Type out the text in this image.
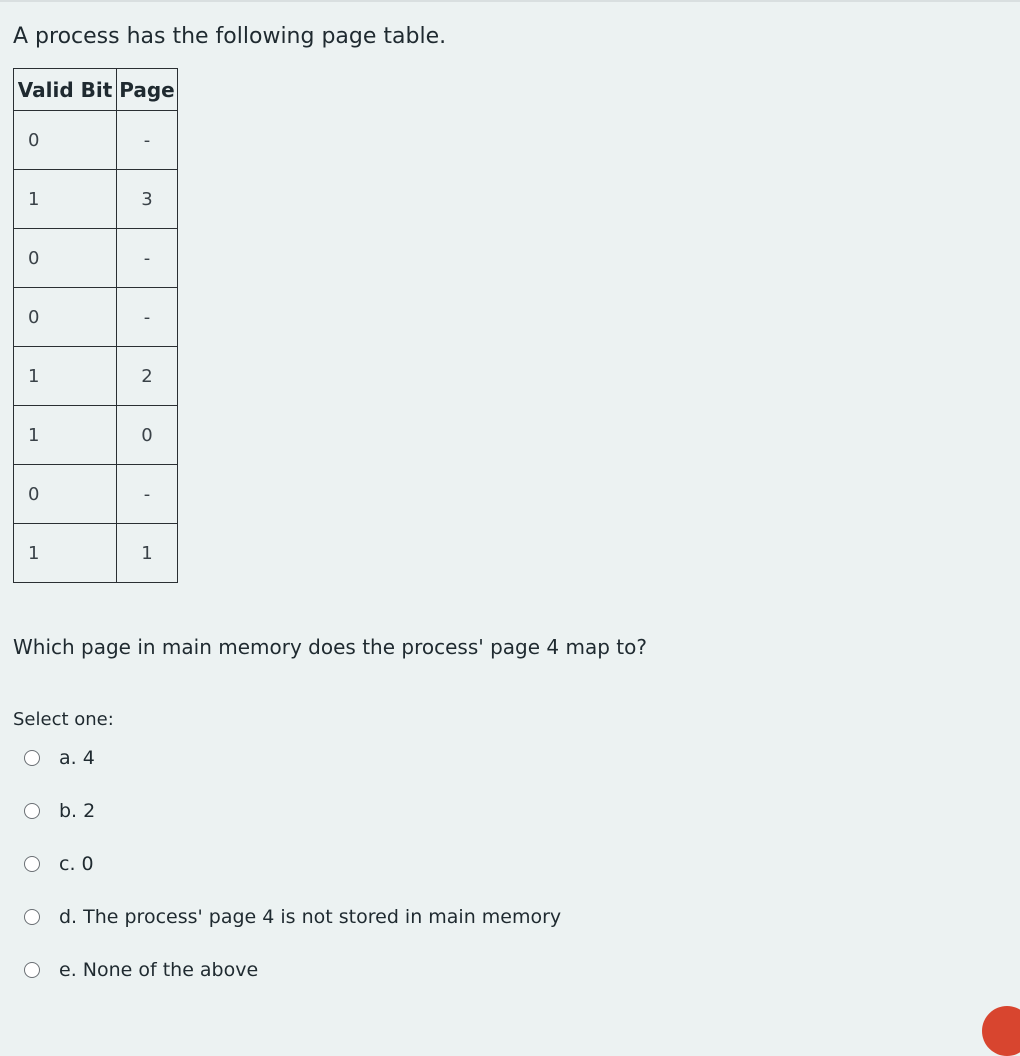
A process has the following page table.

Valid Bit	Page
0	-
1	3
0	-
0	-
1	2
1	0
0	-
1	1

Which page in main memory does the process' page 4 map to?

Select one:
a. 4
b. 2
c. 0
d. The process' page 4 is not stored in main memory
e. None of the above
